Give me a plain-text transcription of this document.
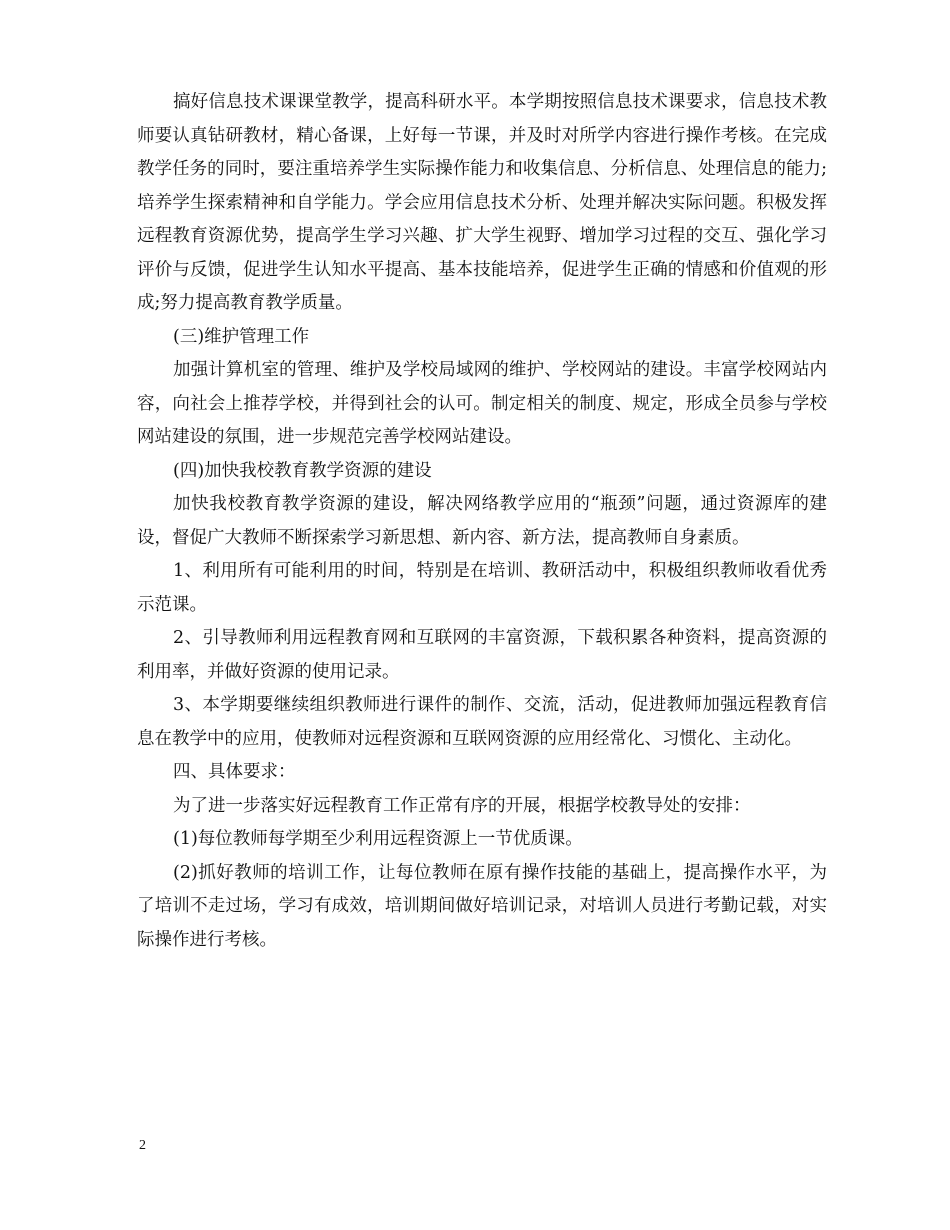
搞好信息技术课课堂教学，提高科研水平。本学期按照信息技术课要求，信息技术教师要认真钻研教材，精心备课，上好每一节课，并及时对所学内容进行操作考核。在完成教学任务的同时，要注重培养学生实际操作能力和收集信息、分析信息、处理信息的能力;培养学生探索精神和自学能力。学会应用信息技术分析、处理并解决实际问题。积极发挥远程教育资源优势，提高学生学习兴趣、扩大学生视野、增加学习过程的交互、强化学习评价与反馈，促进学生认知水平提高、基本技能培养，促进学生正确的情感和价值观的形成;努力提高教育教学质量。

(三)维护管理工作

加强计算机室的管理、维护及学校局域网的维护、学校网站的建设。丰富学校网站内容，向社会上推荐学校，并得到社会的认可。制定相关的制度、规定，形成全员参与学校网站建设的氛围，进一步规范完善学校网站建设。

(四)加快我校教育教学资源的建设

加快我校教育教学资源的建设，解决网络教学应用的“瓶颈”问题，通过资源库的建设，督促广大教师不断探索学习新思想、新内容、新方法，提高教师自身素质。

1、利用所有可能利用的时间，特别是在培训、教研活动中，积极组织教师收看优秀示范课。

2、引导教师利用远程教育网和互联网的丰富资源，下载积累各种资料，提高资源的利用率，并做好资源的使用记录。

3、本学期要继续组织教师进行课件的制作、交流，活动，促进教师加强远程教育信息在教学中的应用，使教师对远程资源和互联网资源的应用经常化、习惯化、主动化。

四、具体要求：

为了进一步落实好远程教育工作正常有序的开展，根据学校教导处的安排：

(1)每位教师每学期至少利用远程资源上一节优质课。

(2)抓好教师的培训工作，让每位教师在原有操作技能的基础上，提高操作水平，为了培训不走过场，学习有成效，培训期间做好培训记录，对培训人员进行考勤记载，对实际操作进行考核。

2
